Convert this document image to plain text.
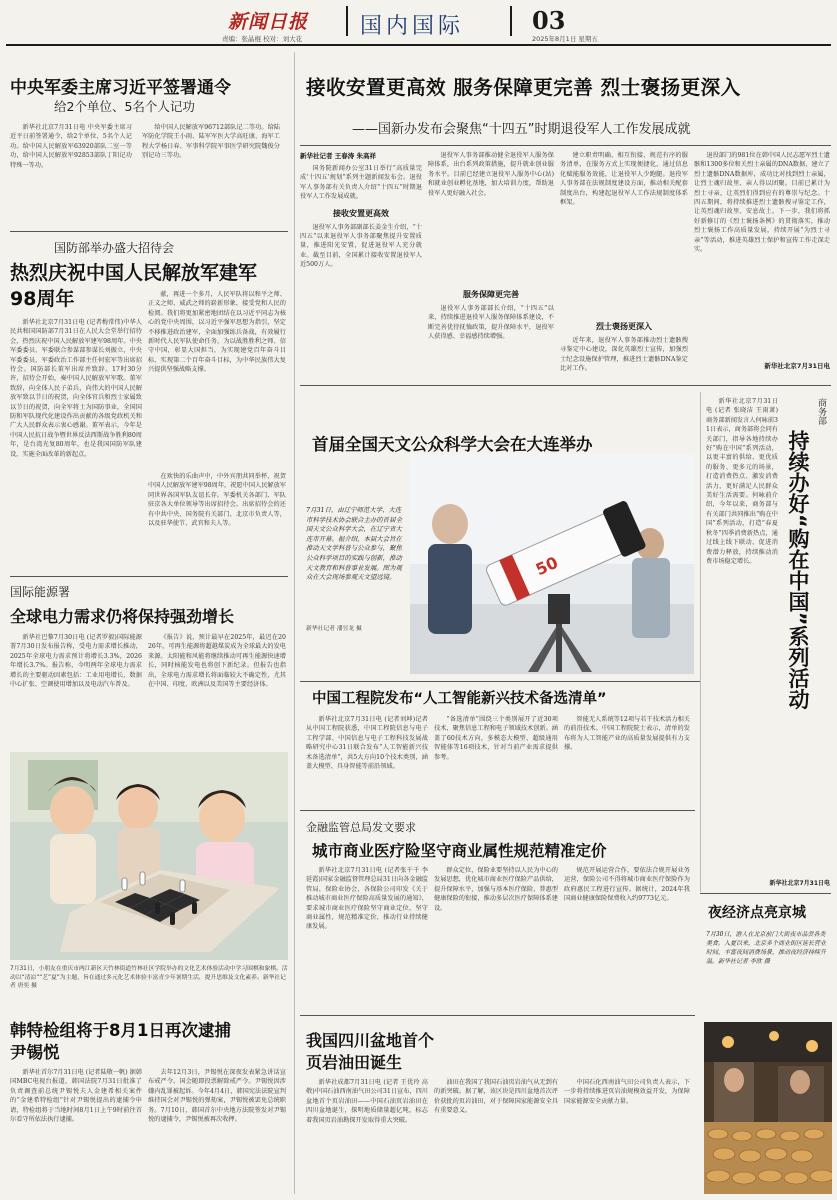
新闻日报
责编：张晶棍 校对：刘大花	国内国际	03
2025年8月1日 星期五
中央军委主席习近平签署通令
给2个单位、5名个人记功

新华社北京7月31日电 中央军委主席习近平日前签署通令，给2个单位、5名个人记功。给中国人民解放军63920部队二室一等功，给中国人民解放军92853部队丁阳记功特殊一等功。

给中国人民解放军96712部队记二等功。给陆军防化学院王小雨、陆军军医大学高旺康、海军工程大学杨日春、军事科学院军事医学研究院魏俊分别记功三等功。

国防部举办盛大招待会
热烈庆祝中国人民解放军建军98周年

新华社北京7月31日电 (记者梅常伟)中华人民共和国国防部7月31日在人民大会堂举行招待会，热烈庆祝中国人民解放军建军98周年。中央军委委员、军委联合参谋部参谋长刘振立，中央军委委员、军委政治工作部主任何宏军等出席招待会。国防部长董军出席并致辞。17时30分许，招待会开始，奏中国人民解放军军歌。董军致辞，向全体人民子弟兵，向伟大的中国人民解放军致以节日的祝贺，向全体官兵和烈士家属致以节日的祝贺，向全军将士为国防事业，全国国防和军队现代化建设作出贡献的各级党政机关和广大人民群众表示衷心感谢。董军表示，今年是中国人民抗日战争暨世界反法西斯战争胜利80周年，是台湾光复80周年，也是我国国防军队建设，实施全面改革的新起点。

献，再进一个多月，人民军队将以和平之师、正义之师、威武之师的崭新形象，接受党和人民的检阅。我们将更加紧密地团结在以习近平同志为核心的党中央周围，以习近平强军思想为指引，坚定不移推进政治建军，全面加强练兵备战，有效履行新时代人民军队使命任务，为以战胜胜利之师、信守中国，彰显大国担当，为实现建党百年奋斗目标、实现第二个百年奋斗目标，为中华民族伟大复兴提供坚强战略支撑。

在欢快的乐曲声中，中外宾朋共同举杯，祝贺中国人民解放军建军98周年，祝愿中国人民解放军同世界各国军队友谊长存。军委机关各部门、军队驻京各大单位领导等出席招待会。出席招待会的还有中共中央、国务院有关部门、北京市负责人等，以及驻华使节、武官和夫人等。

国际能源署
全球电力需求仍将保持强劲增长

新华社巴黎7月30日电 (记者罗毅)国际能源署7月30日发布报告称，受电力需求增长推动，2025年全球电力需求预计将增长3.3%，2026年增长3.7%。报告称，今明两年全球电力需求增长的主要驱动因素包括：工业用电增长、数据中心扩张、空调使用增加以及电动汽车普及。

《报告》说，预计最早在2025年，最迟在2026年，可再生能源将超越煤炭成为全球最大的发电来源。太阳能和风能将继续推动可再生能源快速增长，同时核能发电也将创下新纪录。但报告也指出，全球电力需求增长将面临较大不确定性，尤其在中国、印度、欧洲以及美国等主要经济体。

7月31日，小朋友在重庆市两江新区天竹林街道竹林社区学院举办的文化艺术体验活动中学习围棋和象棋。活动以“清凉”“艺”夏”为主题，旨在通过多元化艺术体验丰富青少年暑期生活，提升思维及文化素养。新华社记者 唐奕 摄
韩特检组将于8月1日再次逮捕尹锡悦

新华社首尔7月31日电 (记者陆敬一帆) 据韩国MBC电视台报道，韩国法院7月31日批准了负责调查前总统尹锡悦夫人金建希相关案件的“金建希特检组”针对尹锡悦提出的逮捕令申请，特检组将于当地时间8月1日上午9时前往首尔看守所依法执行逮捕。

去年12月3日，尹锡悦在深夜发表紧急讲话宣布戒严令。国会随即投票解除戒严令。尹锡悦因涉嫌内乱罪被起诉。今年4月4日，韩国宪法法院宣判维持国会对尹锡悦的弹劾案，尹锡悦被罢免总统职务。7月10日，韩国首尔中央地方法院签发对尹锡悦的逮捕令，尹锡悦被再次收押。

接收安置更高效 服务保障更完善 烈士褒扬更深入
——国新办发布会聚焦“十四五”时期退役军人工作发展成就
新华社记者 王春涛 朱高祥

国务院新闻办公室31日举行“高质量完成‘十四五’规划”系列主题新闻发布会。退役军人事务部有关负责人介绍“十四五”时期退役军人工作发展成就。

接收安置更高效

退役军人事务部副部长姜金生介绍，“十四五”以来退役军人事务部聚焦提升安置质量，推进阳光安置，促进退役军人充分就业。截至目前，全国累计接收安置退役军人近500万人。

退役军人事务部推动健全退役军人服务保障体系，出台系列政策措施，提升就业创业服务水平。目前已经建立退役军人服务中心(站)和就业创业孵化基地，加大培训力度，帮助退役军人更好融入社会。

服务保障更完善

退役军人事务部部长介绍，“十四五”以来，持续推进退役军人服务保障体系建设，不断完善优待抚恤政策，提升保障水平，退役军人获得感、幸福感持续增强。

建立职责明确、相互衔接、规范有序的服务清单，在服务方式上实现便捷化，通过信息化赋能服务效能，让退役军人少跑腿。退役军人事务部在法规制度建设方面，推动相关配套制度出台，构建起退役军人工作法规制度体系框架。

烈士褒扬更深入

近年来，退役军人事务部推动烈士遗骸搜寻鉴定中心建设，深化英雄烈士宣传，加强烈士纪念设施保护管理，推进烈士遗骸DNA鉴定比对工作。

退役部门的981位在韩中国人民志愿军烈士遗骸和1300多位和关烈士亲属的DNA数据，建立了烈士遗骸DNA数据库，成功比对找到烈士亲属，让烈士魂归故里、亲人得以团聚。目前已累计为烈士寻亲，让英烈们得到应有的尊崇与纪念。十四五期间，将持续推进烈士遗骸搜寻鉴定工作，让英烈魂归故里、安息故土。下一步，我们将抓好新修订的《烈士褒扬条例》的贯彻落实，推动烈士褒扬工作高质量发展，持续开展“为烈士寻亲”等活动，推进英雄烈士保护和宣传工作走深走实。

新华社北京7月31日电
首届全国天文公众科学大会在大连举办
7月31日，由辽宁师范大学、大连市科学技术协会联合主办的首届全国天文公众科学大会，在辽宁省大连市开幕。据介绍，本届大会旨在推动天文学科普与公众参与，聚焦公众科学项目的实践与创新，推动天文教育和科普事业发展。图为观众在大会现场参观天文望远镜。
新华社记者 潘昱龙 摄
50
中国工程院发布“人工智能新兴技术备选清单”

新华社北京7月31日电 (记者刘坤)记者从中国工程院获悉，中国工程院信息与电子工程学部、中国信息与电子工程科技发展战略研究中心31日联合发布“人工智能新兴技术备选清单”，共5大方向10个技术类别，涵盖大模型、具身智能等前沿领域。

“备选清单”围绕三个类别展开了近30项技术，聚焦信息工程和电子领域技术创新。涵盖了60技术方向，多模态大模型、超级通用智能体等16项技术，针对当前产业需求提供参考。

智能无人系统等12项与若干技术活力相关的前沿技术。中国工程院院士表示，清单的发布将为人工智能产业的高质量发展提供有力支撑。

新华社北京7月31日电 (记者 张晓洁 王雨萧)商务部新闻发言人何咏前31日表示，商务部将会同有关部门，指导各地持续办好“购在中国”系列活动，以更丰富的供给、更优质的服务、更多元的场景，打造消费热点、激发消费活力，更好满足人民群众美好生活需要。何咏前介绍，今年以来，商务部与有关部门共同推出“购在中国”系列活动，打造“春夏秋冬”四季消费新热点，通过线上线下联动，促进消费潜力释放，持续推动消费市场稳定增长。

商务部
持续办好“购在中国”系列活动
新华社北京7月31日电
金融监管总局发文要求
城市商业医疗险坚守商业属性规范精准定价

新华社北京7月31日电 (记者张千千 李延霞)国家金融监督管理总局31日向各金融监管局，保险业协会，各保险公司印发《关于推动城市商业医疗保险高质量发展的通知》，要求城市商业医疗保险坚守商业定位，坚守商业属性，规范精准定价，推动行业持续健康发展。

群众定位，保险业要坚持以人民为中心的发展思想，优化城市商业医疗保险产品供给，提升保障水平，加强与基本医疗保险、普惠型健康保险的衔接，推动多层次医疗保障体系建设。

规范开展运营合作，要依法合规开展业务运营，保险公司不得将城市商业医疗保险作为政府惠民工程进行宣传。据统计，2024年我国商业健康保险保费收入约9773亿元。

夜经济点亮京城
7月30日，游人在北京前门大街夜市品尝各类美食。入夏以来，北京多个商业街区延长营业时间，丰富夜间消费场景，推动夜经济持续升温。新华社记者 李欣 摄
我国四川盆地首个页岩油田诞生

新华社成都7月31日电 (记者 王优玲 高敬)中国石油西南油气田公司31日宣布，四川盆地首个页岩油田——中国石油页岩油田在四川盆地诞生，探明地质储量超亿吨，标志着我国页岩油勘探开发取得重大突破。

油田在我国了我国石油页岩油气从无到有的新突破。据了解，该区块是四川盆地首次评价获批的页岩油田，对于保障国家能源安全具有重要意义。

中国石化西南油气田公司负责人表示，下一步将持续推进页岩油规模效益开发，为保障国家能源安全贡献力量。
